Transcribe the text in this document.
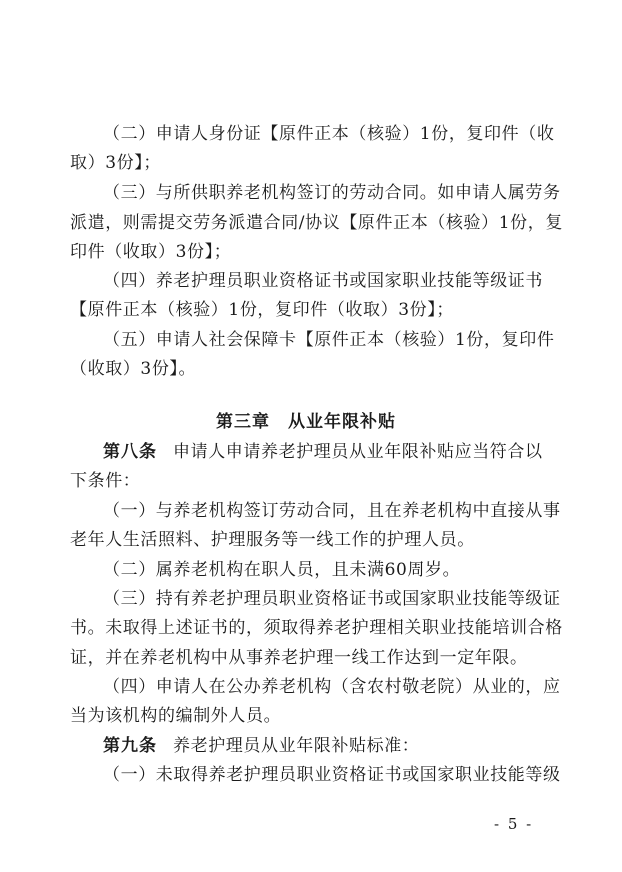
（二）申请人身份证【原件正本（核验）1份，复印件（收
取）3份】；
（三）与所供职养老机构签订的劳动合同。如申请人属劳务
派遣，则需提交劳务派遣合同/协议【原件正本（核验）1份，复
印件（收取）3份】；
（四）养老护理员职业资格证书或国家职业技能等级证书
【原件正本（核验）1份，复印件（收取）3份】；
（五）申请人社会保障卡【原件正本（核验）1份，复印件
（收取）3份】。
第三章　从业年限补贴
第八条 申请人申请养老护理员从业年限补贴应当符合以
下条件：
（一）与养老机构签订劳动合同，且在养老机构中直接从事
老年人生活照料、护理服务等一线工作的护理人员。
（二）属养老机构在职人员，且未满60周岁。
（三）持有养老护理员职业资格证书或国家职业技能等级证
书。未取得上述证书的，须取得养老护理相关职业技能培训合格
证，并在养老机构中从事养老护理一线工作达到一定年限。
（四）申请人在公办养老机构（含农村敬老院）从业的，应
当为该机构的编制外人员。
第九条 养老护理员从业年限补贴标准：
（一）未取得养老护理员职业资格证书或国家职业技能等级
- 5 -
